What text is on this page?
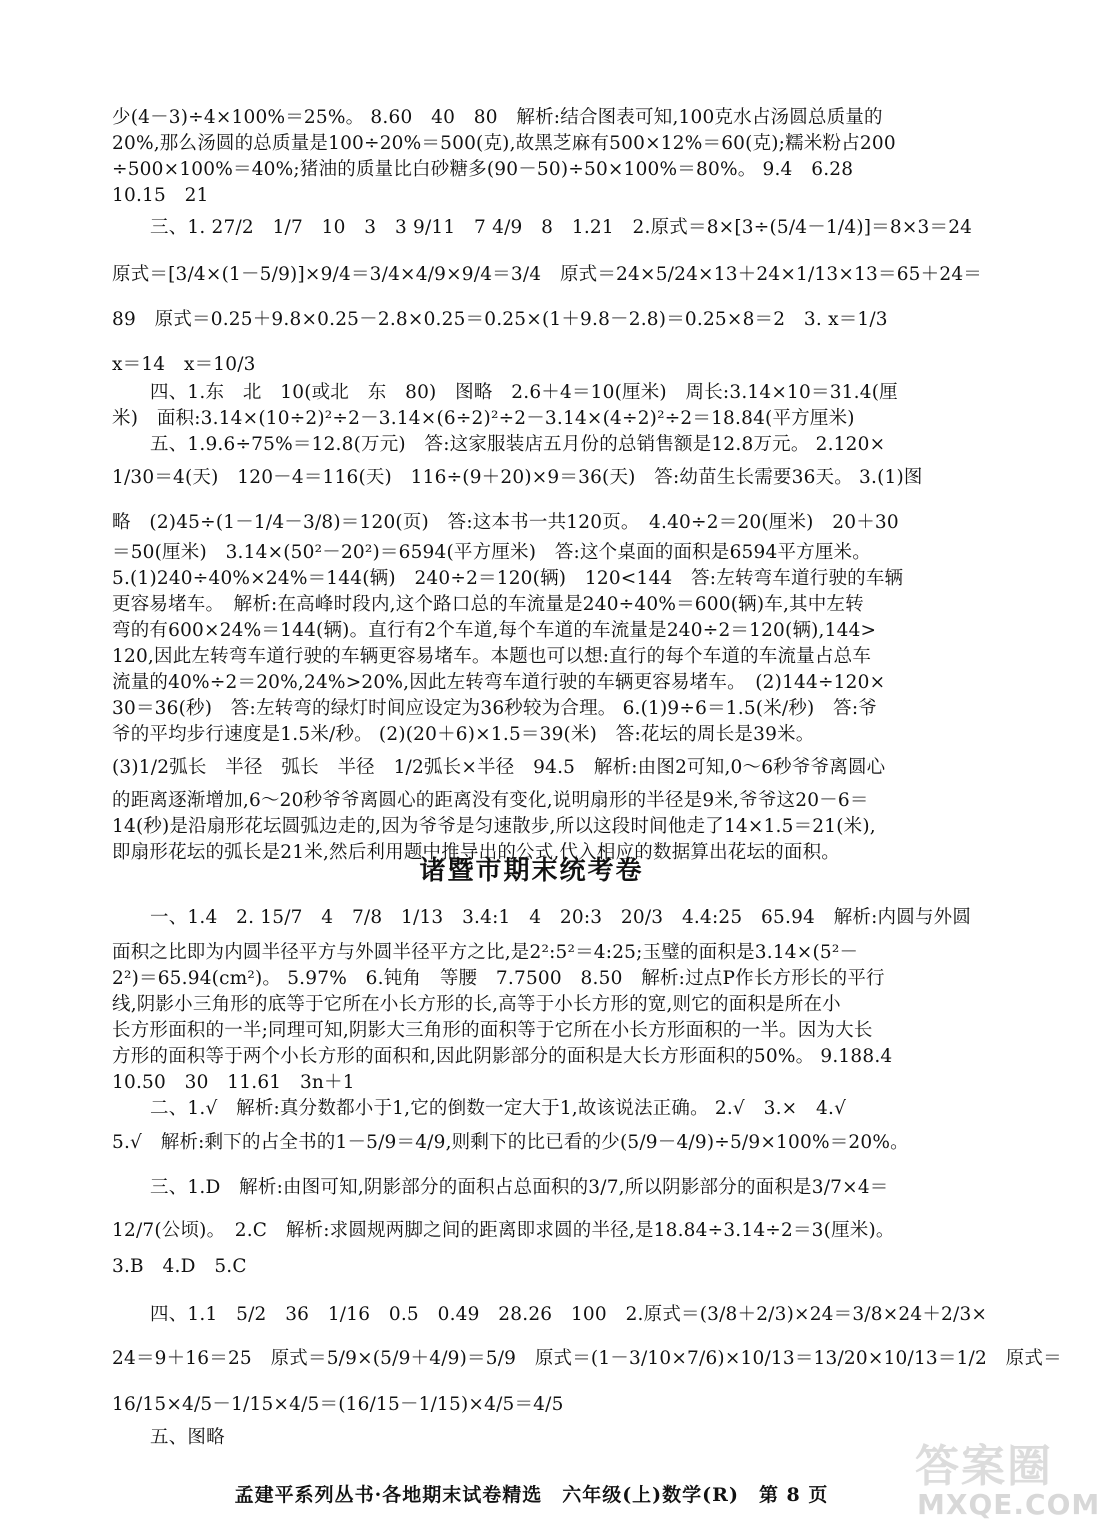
少(4－3)÷4×100%＝25%。 8.60　40　80　解析:结合图表可知,100克水占汤圆总质量的
20%,那么汤圆的总质量是100÷20%＝500(克),故黑芝麻有500×12%＝60(克);糯米粉占200
÷500×100%＝40%;猪油的质量比白砂糖多(90－50)÷50×100%＝80%。 9.4　6.28
10.15　21
三、1. 27/2　1/7　10　3　3 9/11　7 4/9　8　1.21　2.原式＝8×[3÷(5/4－1/4)]＝8×3＝24
原式＝[3/4×(1－5/9)]×9/4＝3/4×4/9×9/4＝3/4　原式＝24×5/24×13＋24×1/13×13＝65＋24＝
89　原式＝0.25＋9.8×0.25－2.8×0.25＝0.25×(1＋9.8－2.8)＝0.25×8＝2　3. x＝1/3
x＝14　x＝10/3
四、1.东　北　10(或北　东　80)　图略　2.6＋4＝10(厘米)　周长:3.14×10＝31.4(厘
米)　面积:3.14×(10÷2)²÷2－3.14×(6÷2)²÷2－3.14×(4÷2)²÷2＝18.84(平方厘米)
五、1.9.6÷75%＝12.8(万元)　答:这家服装店五月份的总销售额是12.8万元。 2.120×
1/30＝4(天)　120－4＝116(天)　116÷(9＋20)×9＝36(天)　答:幼苗生长需要36天。 3.(1)图
略　(2)45÷(1－1/4－3/8)＝120(页)　答:这本书一共120页。　4.40÷2＝20(厘米)　20＋30
＝50(厘米)　3.14×(50²－20²)＝6594(平方厘米)　答:这个桌面的面积是6594平方厘米。
5.(1)240÷40%×24%＝144(辆)　240÷2＝120(辆)　120<144　答:左转弯车道行驶的车辆
更容易堵车。　解析:在高峰时段内,这个路口总的车流量是240÷40%＝600(辆)车,其中左转
弯的有600×24%＝144(辆)。直行有2个车道,每个车道的车流量是240÷2＝120(辆),144>
120,因此左转弯车道行驶的车辆更容易堵车。本题也可以想:直行的每个车道的车流量占总车
流量的40%÷2＝20%,24%>20%,因此左转弯车道行驶的车辆更容易堵车。　(2)144÷120×
30＝36(秒)　答:左转弯的绿灯时间应设定为36秒较为合理。 6.(1)9÷6＝1.5(米/秒)　答:爷
爷的平均步行速度是1.5米/秒。 (2)(20＋6)×1.5＝39(米)　答:花坛的周长是39米。
(3)1/2弧长　半径　弧长　半径　1/2弧长×半径　94.5　解析:由图2可知,0～6秒爷爷离圆心
的距离逐渐增加,6～20秒爷爷离圆心的距离没有变化,说明扇形的半径是9米,爷爷这20－6＝
14(秒)是沿扇形花坛圆弧边走的,因为爷爷是匀速散步,所以这段时间他走了14×1.5＝21(米),
即扇形花坛的弧长是21米,然后利用题中推导出的公式,代入相应的数据算出花坛的面积。
诸暨市期末统考卷
一、1.4　2. 15/7　4　7/8　1/13　3.4:1　4　20:3　20/3　4.4:25　65.94　解析:内圆与外圆
面积之比即为内圆半径平方与外圆半径平方之比,是2²:5²＝4:25;玉璧的面积是3.14×(5²－
2²)＝65.94(cm²)。 5.97%　6.钝角　等腰　7.7500　8.50　解析:过点P作长方形长的平行
线,阴影小三角形的底等于它所在小长方形的长,高等于小长方形的宽,则它的面积是所在小
长方形面积的一半;同理可知,阴影大三角形的面积等于它所在小长方形面积的一半。因为大长
方形的面积等于两个小长方形的面积和,因此阴影部分的面积是大长方形面积的50%。 9.188.4
10.50　30　11.61　3n＋1
二、1.√　解析:真分数都小于1,它的倒数一定大于1,故该说法正确。 2.√　3.×　4.√
5.√　解析:剩下的占全书的1－5/9＝4/9,则剩下的比已看的少(5/9－4/9)÷5/9×100%＝20%。
三、1.D　解析:由图可知,阴影部分的面积占总面积的3/7,所以阴影部分的面积是3/7×4＝
12/7(公顷)。　2.C　解析:求圆规两脚之间的距离即求圆的半径,是18.84÷3.14÷2＝3(厘米)。
3.B　4.D　5.C
四、1.1　5/2　36　1/16　0.5　0.49　28.26　100　2.原式＝(3/8＋2/3)×24＝3/8×24＋2/3×
24＝9＋16＝25　原式＝5/9×(5/9＋4/9)＝5/9　原式＝(1－3/10×7/6)×10/13＝13/20×10/13＝1/2　原式＝
16/15×4/5－1/15×4/5＝(16/15－1/15)×4/5＝4/5
五、图略
孟建平系列丛书·各地期末试卷精选　六年级(上)数学(R)　第 8 页
答案圈
MXQE.COM
